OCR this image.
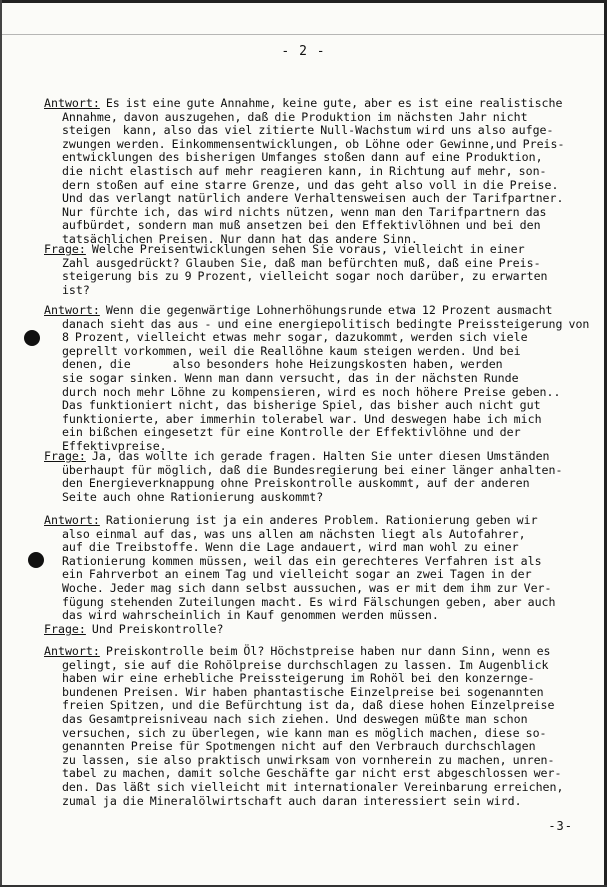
- 2 -
Antwort: Es ist eine gute Annahme, keine gute, aber es ist eine realistische
Annahme, davon auszugehen, daß die Produktion im nächsten Jahr nicht
steigen  kann, also das viel zitierte Null-Wachstum wird uns also aufge-
zwungen werden. Einkommensentwicklungen, ob Löhne oder Gewinne,und Preis-
entwicklungen des bisherigen Umfanges stoßen dann auf eine Produktion,
die nicht elastisch auf mehr reagieren kann, in Richtung auf mehr, son-
dern stoßen auf eine starre Grenze, und das geht also voll in die Preise.
Und das verlangt natürlich andere Verhaltensweisen auch der Tarifpartner.
Nur fürchte ich, das wird nichts nützen, wenn man den Tarifpartnern das
aufbürdet, sondern man muß ansetzen bei den Effektivlöhnen und bei den
tatsächlichen Preisen. Nur dann hat das andere Sinn.
Frage: Welche Preisentwicklungen sehen Sie voraus, vielleicht in einer
Zahl ausgedrückt? Glauben Sie, daß man befürchten muß, daß eine Preis-
steigerung bis zu 9 Prozent, vielleicht sogar noch darüber, zu erwarten
ist?
Antwort: Wenn die gegenwärtige Lohnerhöhungsrunde etwa 12 Prozent ausmacht
danach sieht das aus - und eine energiepolitisch bedingte Preissteigerung von
8 Prozent, vielleicht etwas mehr sogar, dazukommt, werden sich viele
geprellt vorkommen, weil die Reallöhne kaum steigen werden. Und bei
denen, die       also besonders hohe Heizungskosten haben, werden
sie sogar sinken. Wenn man dann versucht, das in der nächsten Runde
durch noch mehr Löhne zu kompensieren, wird es noch höhere Preise geben..
Das funktioniert nicht, das bisherige Spiel, das bisher auch nicht gut
funktionierte, aber immerhin tolerabel war. Und deswegen habe ich mich
ein bißchen eingesetzt für eine Kontrolle der Effektivlöhne und der
Effektivpreise.
Frage: Ja, das wollte ich gerade fragen. Halten Sie unter diesen Umständen
überhaupt für möglich, daß die Bundesregierung bei einer länger anhalten-
den Energieverknappung ohne Preiskontrolle auskommt, auf der anderen
Seite auch ohne Rationierung auskommt?
Antwort: Rationierung ist ja ein anderes Problem. Rationierung geben wir
also einmal auf das, was uns allen am nächsten liegt als Autofahrer,
auf die Treibstoffe. Wenn die Lage andauert, wird man wohl zu einer
Rationierung kommen müssen, weil das ein gerechteres Verfahren ist als
ein Fahrverbot an einem Tag und vielleicht sogar an zwei Tagen in der
Woche. Jeder mag sich dann selbst aussuchen, was er mit dem ihm zur Ver-
fügung stehenden Zuteilungen macht. Es wird Fälschungen geben, aber auch
das wird wahrscheinlich in Kauf genommen werden müssen.
Frage: Und Preiskontrolle?
Antwort: Preiskontrolle beim Öl? Höchstpreise haben nur dann Sinn, wenn es
gelingt, sie auf die Rohölpreise durchschlagen zu lassen. Im Augenblick
haben wir eine erhebliche Preissteigerung im Rohöl bei den konzerngе-
bundenen Preisen. Wir haben phantastische Einzelpreise bei sogenannten
freien Spitzen, und die Befürchtung ist da, daß diese hohen Einzelpreise
das Gesamtpreisniveau nach sich ziehen. Und deswegen müßte man schon
versuchen, sich zu überlegen, wie kann man es möglich machen, diese so-
genannten Preise für Spotmengen nicht auf den Verbrauch durchschlagen
zu lassen, sie also praktisch unwirksam von vornherein zu machen, unren-
tabel zu machen, damit solche Geschäfte gar nicht erst abgeschlossen wer-
den. Das läßt sich vielleicht mit internationaler Vereinbarung erreichen,
zumal ja die Mineralölwirtschaft auch daran interessiert sein wird.
-3-
